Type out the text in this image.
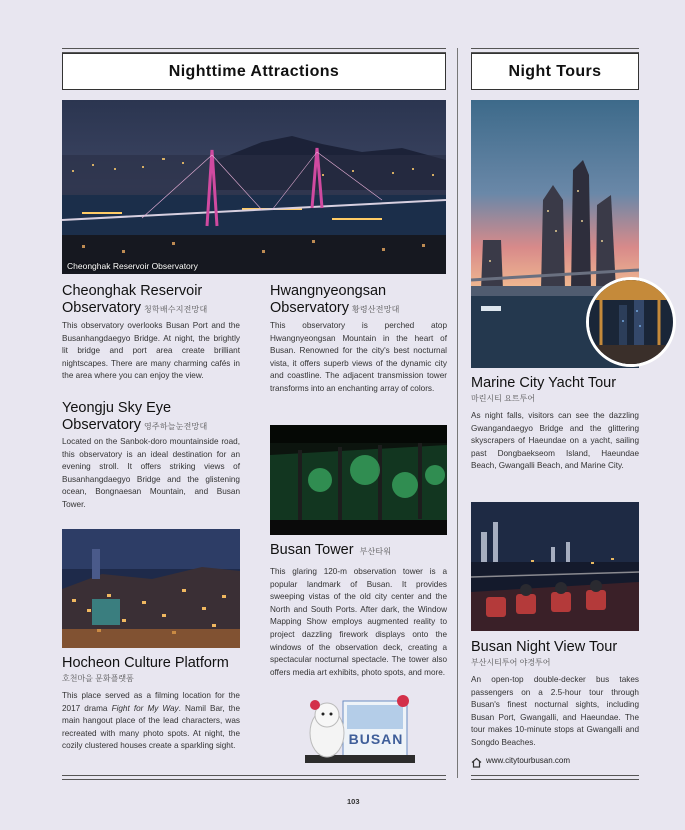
Nighttime Attractions	Night Tours
Cheonghak Reservoir Observatory
Cheonghak Reservoir
Observatory 청학배수지전망대

This observatory overlooks Busan Port and the Busanhangdaegyo Bridge. At night, the brightly lit bridge and port area create brilliant nightscapes. There are many charming cafés in the area where you can enjoy the view.

Yeongju Sky Eye
Observatory 영주하늘눈전망대

Located on the Sanbok-doro mountainside road, this observatory is an ideal destination for an evening stroll. It offers striking views of Busanhangdaegyo Bridge and the glistening ocean, Bongnaesan Mountain, and Busan Tower.

Hocheon Culture Platform
호천마을 문화플랫폼

This place served as a filming location for the 2017 drama Fight for My Way. Namil Bar, the main hangout place of the lead characters, was recreated with many photo spots. At night, the cozily clustered houses create a sparkling sight.

Hwangnyeongsan
Observatory 황령산전망대

This observatory is perched atop Hwangnyeongsan Mountain in the heart of Busan. Renowned for the city's best nocturnal vista, it offers superb views of the dynamic city and coastline. The adjacent transmission tower transforms into an enchanting array of colors.

Busan Tower 부산타워

This glaring 120-m observation tower is a popular landmark of Busan. It provides sweeping vistas of the old city center and the North and South Ports. After dark, the Window Mapping Show employs augmented reality to project dazzling firework displays onto the windows of the observation deck, creating a spectacular nocturnal spectacle. The tower also offers media art exhibits, photo spots, and more.

BUSAN
Marine City Yacht Tour
마린시티 요트투어

As night falls, visitors can see the dazzling Gwangandaegyo Bridge and the glittering skyscrapers of Haeundae on a yacht, sailing past Dongbaekseom Island, Haeundae Beach, Gwangalli Beach, and Marine City.

Busan Night View Tour
부산시티투어 야경투어

An open-top double-decker bus takes passengers on a 2.5-hour tour through Busan's finest nocturnal sights, including Busan Port, Gwangalli, and Haeundae. The tour makes 10-minute stops at Gwangalli and Songdo Beaches.

www.citytourbusan.com
103
